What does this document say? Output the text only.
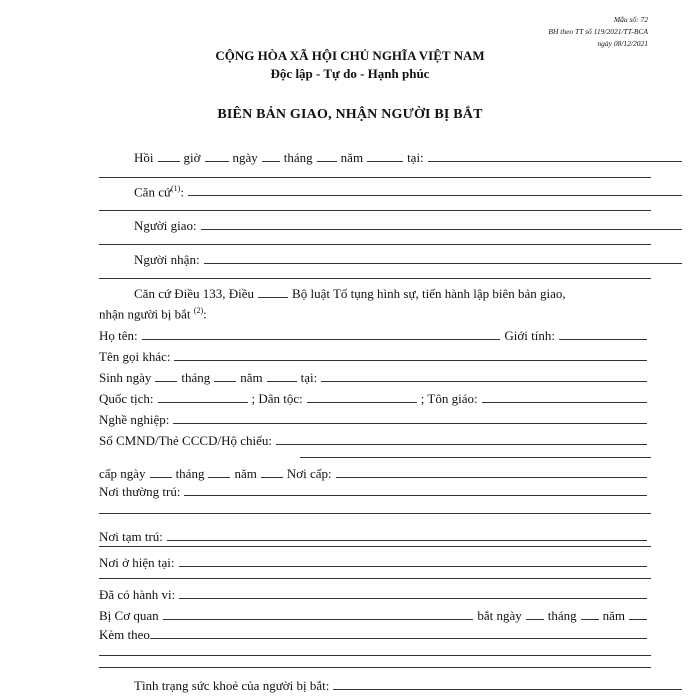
Mẫu số: 72
BH theo TT số 119/2021/TT-BCA
ngày 08/12/2021
CỘNG HÒA XÃ HỘI CHỦ NGHĨA VIỆT NAM
Độc lập - Tự do - Hạnh phúc
BIÊN BẢN GIAO, NHẬN NGƯỜI BỊ BẮT
Hồi giờ ngày tháng năm	tại:
Căn cứ$^{(1)}$:
Người giao:
Người nhận:
Căn cứ Điều 133, Điều	Bộ luật Tố tụng hình sự, tiến hành lập biên bản giao,
nhận người bị bắt $^{(2)}$:
Họ tên:	Giới tính:
Tên gọi khác:
Sinh ngày tháng năm	tại:
Quốc tịch:	; Dân tộc:	; Tôn giáo:
Nghề nghiệp:
Số CMND/Thẻ CCCD/Hộ chiếu:
cấp ngày tháng năm Nơi cấp:
Nơi thường trú:
Nơi tạm trú:
Nơi ở hiện tại:
Đã có hành vi:
Bị Cơ quan	bắt ngày tháng năm
Kèm theo
Tình trạng sức khoẻ của người bị bắt:
